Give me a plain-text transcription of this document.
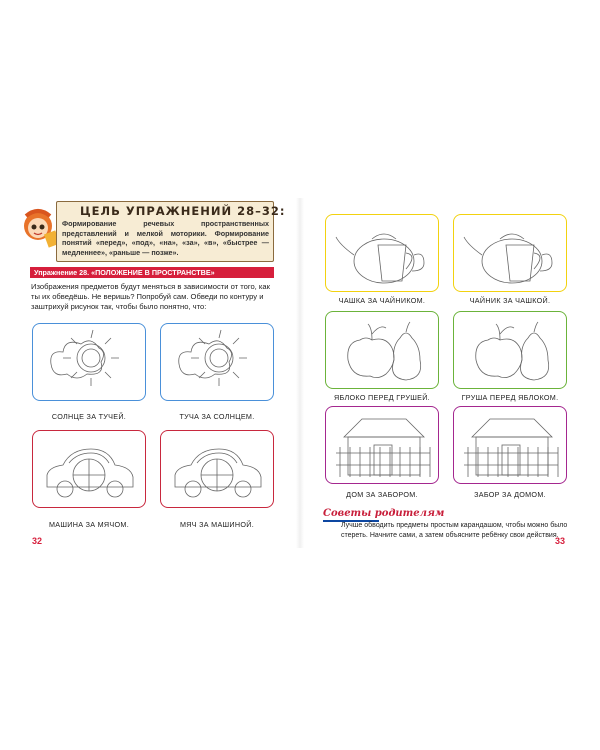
ЦЕЛЬ УПРАЖНЕНИЙ 28–32:
Формирование речевых пространственных представлений и мелкой моторики. Формирование понятий «перед», «под», «на», «за», «в», «быстрее — медленнее», «раньше — позже».
Упражнение 28. «ПОЛОЖЕНИЕ В ПРОСТРАНСТВЕ»
Изображения предметов будут меняться в зависимости от того, как ты их обведёшь. Не веришь? Попробуй сам. Обведи по контуру и заштрихуй рисунок так, чтобы было понятно, что:
СОЛНЦЕ ЗА ТУЧЕЙ.	ТУЧА ЗА СОЛНЦЕМ.
МАШИНА ЗА МЯЧОМ.	МЯЧ ЗА МАШИНОЙ.
32
ЧАШКА ЗА ЧАЙНИКОМ.	ЧАЙНИК ЗА ЧАШКОЙ.
ЯБЛОКО ПЕРЕД ГРУШЕЙ.	ГРУША ПЕРЕД ЯБЛОКОМ.
ДОМ ЗА ЗАБОРОМ.	ЗАБОР ЗА ДОМОМ.
Советы родителям
Лучше обводить предметы простым карандашом, чтобы можно было стереть. Начните сами, а затем объясните ребёнку свои действия.
33
